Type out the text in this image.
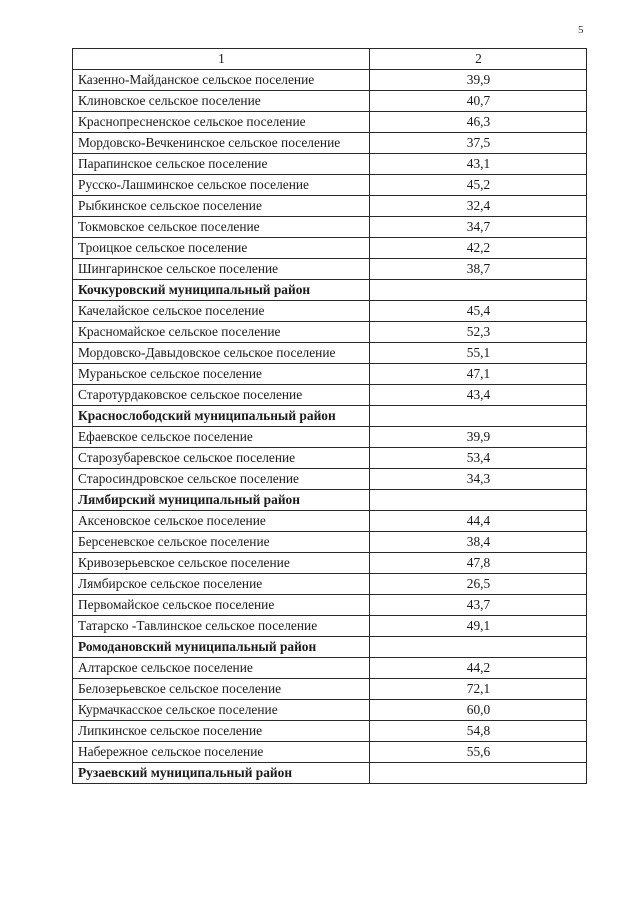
5
1	2
Казенно-Майданское сельское поселение	39,9
Клиновское сельское поселение	40,7
Краснопресненское сельское поселение	46,3
Мордовско-Вечкенинское сельское поселение	37,5
Парапинское сельское поселение	43,1
Русско-Лашминское сельское поселение	45,2
Рыбкинское сельское поселение	32,4
Токмовское сельское поселение	34,7
Троицкое сельское поселение	42,2
Шингаринское сельское поселение	38,7
Кочкуровский муниципальный район	
Качелайское сельское поселение	45,4
Красномайское сельское поселение	52,3
Мордовско-Давыдовское сельское поселение	55,1
Мураньское сельское поселение	47,1
Старотурдаковское сельское поселение	43,4
Краснослободский муниципальный район	
Ефаевское сельское поселение	39,9
Старозубаревское сельское поселение	53,4
Старосиндровское сельское поселение	34,3
Лямбирский муниципальный район	
Аксеновское сельское поселение	44,4
Берсеневское сельское поселение	38,4
Кривозерьевское сельское поселение	47,8
Лямбирское сельское поселение	26,5
Первомайское сельское поселение	43,7
Татарско -Тавлинское сельское поселение	49,1
Ромодановский муниципальный район	
Алтарское сельское поселение	44,2
Белозерьевское сельское поселение	72,1
Курмачкасское сельское поселение	60,0
Липкинское сельское поселение	54,8
Набережное сельское поселение	55,6
Рузаевский муниципальный район	
